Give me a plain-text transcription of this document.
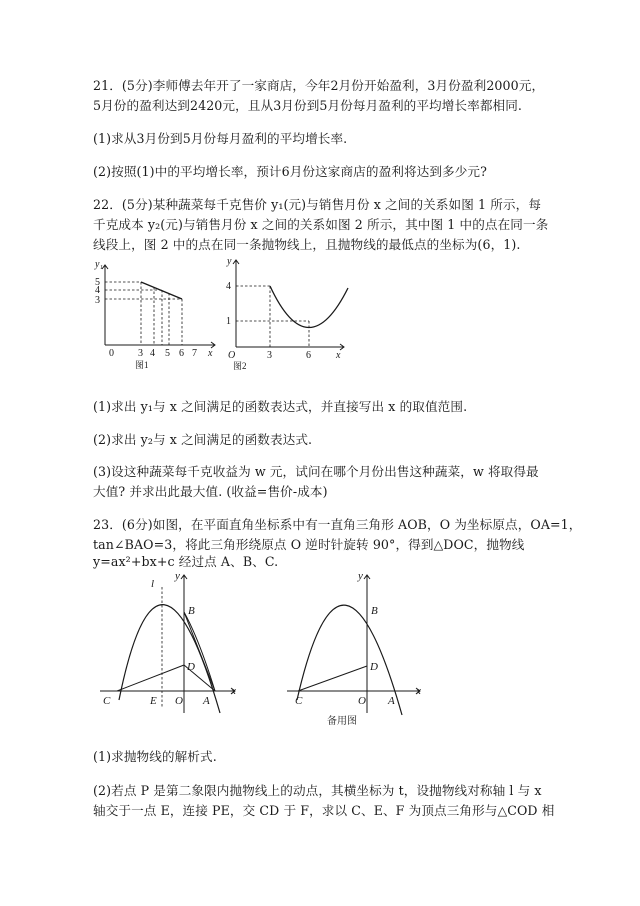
21．(5分)李师傅去年开了一家商店，今年2月份开始盈利，3月份盈利2000元，
5月份的盈利达到2420元，且从3月份到5月份每月盈利的平均增长率都相同.
(1)求从3月份到5月份每月盈利的平均增长率.
(2)按照(1)中的平均增长率，预计6月份这家商店的盈利将达到多少元?
22．(5分)某种蔬菜每千克售价 y₁(元)与销售月份 x 之间的关系如图 1 所示，每
千克成本 y₂(元)与销售月份 x 之间的关系如图 2 所示，其中图 1 中的点在同一条
线段上，图 2 中的点在同一条抛物线上，且抛物线的最低点的坐标为(6，1).
y₁
5
4
3
0 3 4 5 6 7 x
图1
y
4
1
O	3	6	x
图2
(1)求出 y₁与 x 之间满足的函数表达式，并直接写出 x 的取值范围.
(2)求出 y₂与 x 之间满足的函数表达式.
(3)设这种蔬菜每千克收益为 w 元，试问在哪个月份出售这种蔬菜，w 将取得最
大值? 并求出此最大值. (收益=售价-成本)
23．(6分)如图，在平面直角坐标系中有一直角三角形 AOB，O 为坐标原点，OA=1，
tan∠BAO=3，将此三角形绕原点 O 逆时针旋转 90°，得到△DOC，抛物线
y=ax²+bx+c 经过点 A、B、C.
l
y
x
B
D
C	E O A
y
x
B
D
C	O A
备用图
(1)求抛物线的解析式.
(2)若点 P 是第二象限内抛物线上的动点，其横坐标为 t，设抛物线对称轴 l 与 x
轴交于一点 E，连接 PE，交 CD 于 F，求以 C、E、F 为顶点三角形与△COD 相
